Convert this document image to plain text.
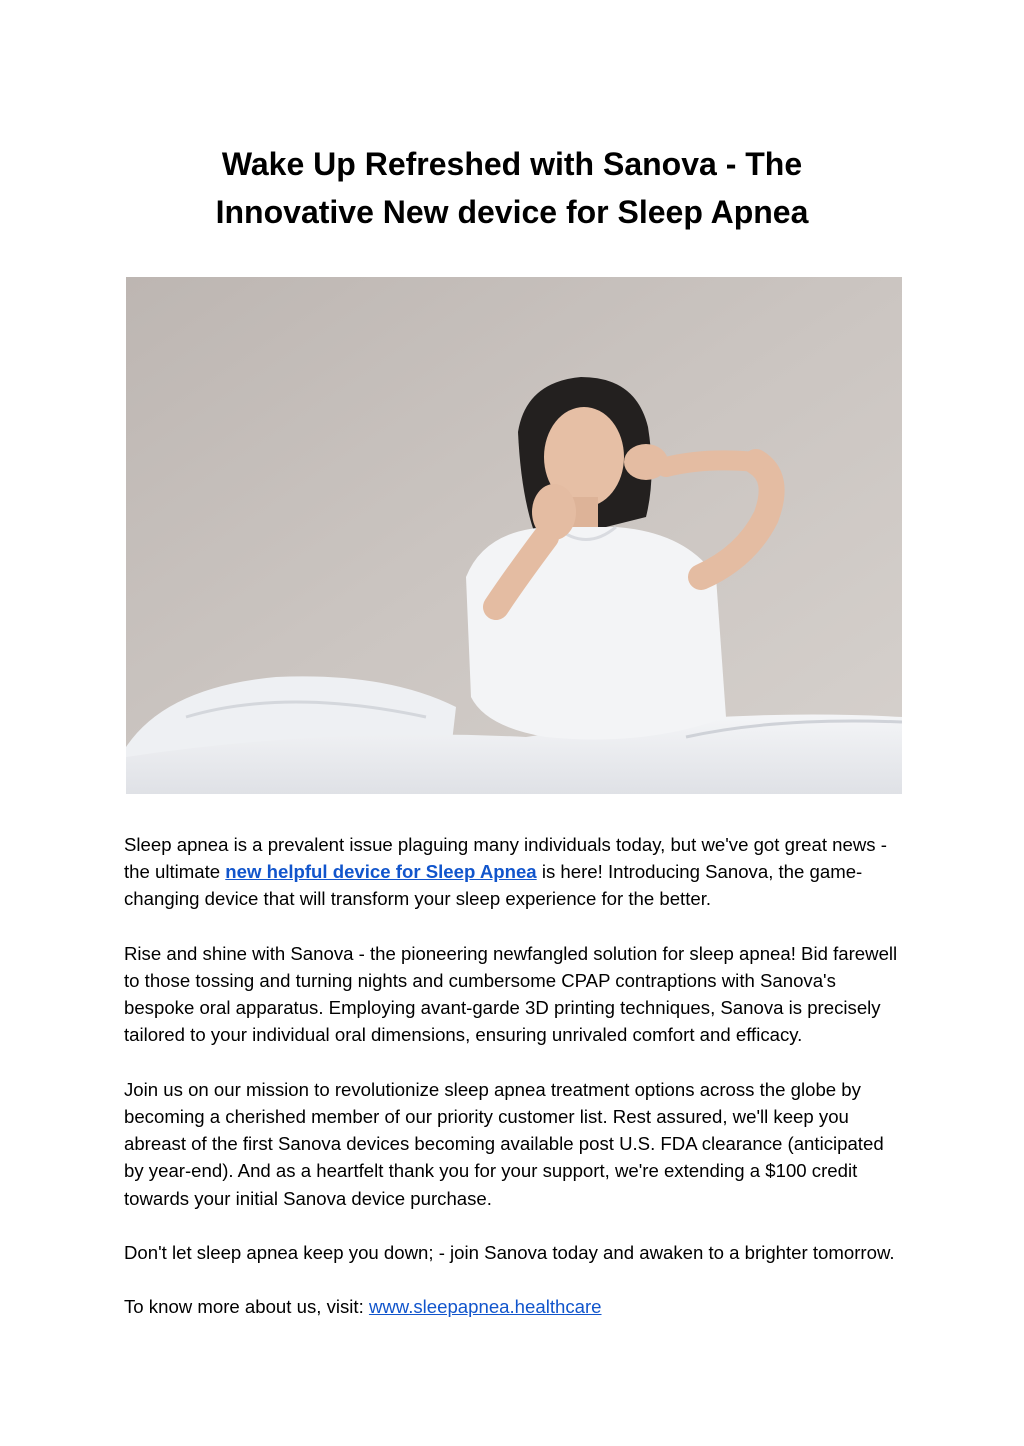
Wake Up Refreshed with Sanova - The
Innovative New device for Sleep Apnea

Sleep apnea is a prevalent issue plaguing many individuals today, but we've got great news - the ultimate new helpful device for Sleep Apnea is here! Introducing Sanova, the game-changing device that will transform your sleep experience for the better.

Rise and shine with Sanova - the pioneering newfangled solution for sleep apnea! Bid farewell to those tossing and turning nights and cumbersome CPAP contraptions with Sanova's bespoke oral apparatus. Employing avant-garde 3D printing techniques, Sanova is precisely tailored to your individual oral dimensions, ensuring unrivaled comfort and efficacy.

Join us on our mission to revolutionize sleep apnea treatment options across the globe by becoming a cherished member of our priority customer list. Rest assured, we'll keep you abreast of the first Sanova devices becoming available post U.S. FDA clearance (anticipated by year-end). And as a heartfelt thank you for your support, we're extending a $100 credit towards your initial Sanova device purchase.

Don't let sleep apnea keep you down; - join Sanova today and awaken to a brighter tomorrow.

To know more about us, visit: www.sleepapnea.healthcare
